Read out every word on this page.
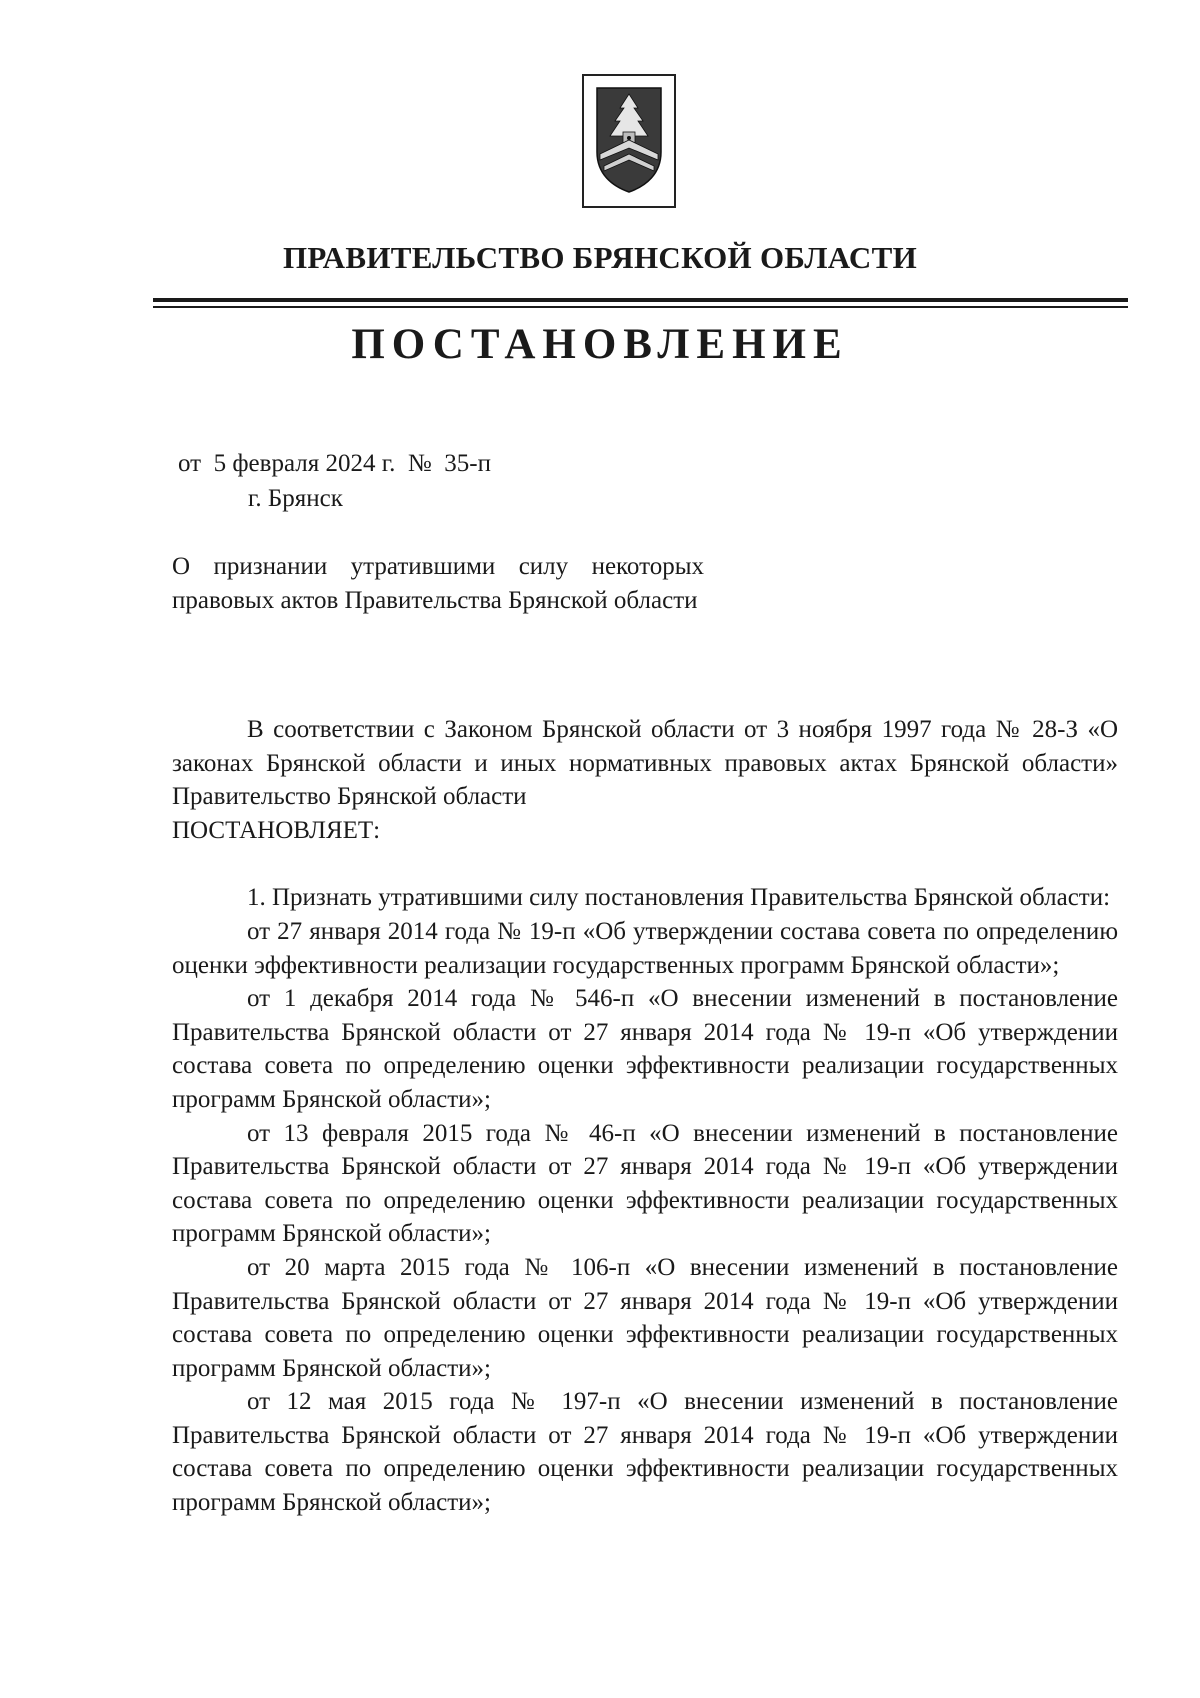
ПРАВИТЕЛЬСТВО БРЯНСКОЙ ОБЛАСТИ
ПОСТАНОВЛЕНИЕ
от  5 февраля 2024 г.  №  35-п
г. Брянск
О признании утратившими силу некоторых правовых актов Правительства Брянской области

В соответствии с Законом Брянской области от 3 ноября 1997 года № 28-З «О законах Брянской области и иных нормативных правовых актах Брянской области» Правительство Брянской области

ПОСТАНОВЛЯЕТ:

1. Признать утратившими силу постановления Правительства Брянской области:

от 27 января 2014 года № 19-п «Об утверждении состава совета по определению оценки эффективности реализации государственных программ Брянской области»;

от 1 декабря 2014 года № 546-п «О внесении изменений в постановление Правительства Брянской области от 27 января 2014 года № 19-п «Об утверждении состава совета по определению оценки эффективности реализации государственных программ Брянской области»;

от 13 февраля 2015 года № 46-п «О внесении изменений в постановление Правительства Брянской области от 27 января 2014 года № 19-п «Об утверждении состава совета по определению оценки эффективности реализации государственных программ Брянской области»;

от 20 марта 2015 года № 106-п «О внесении изменений в постановление Правительства Брянской области от 27 января 2014 года № 19-п «Об утверждении состава совета по определению оценки эффективности реализации государственных программ Брянской области»;

от 12 мая 2015 года № 197-п «О внесении изменений в постановление Правительства Брянской области от 27 января 2014 года № 19-п «Об утверждении состава совета по определению оценки эффективности реализации государственных программ Брянской области»;
